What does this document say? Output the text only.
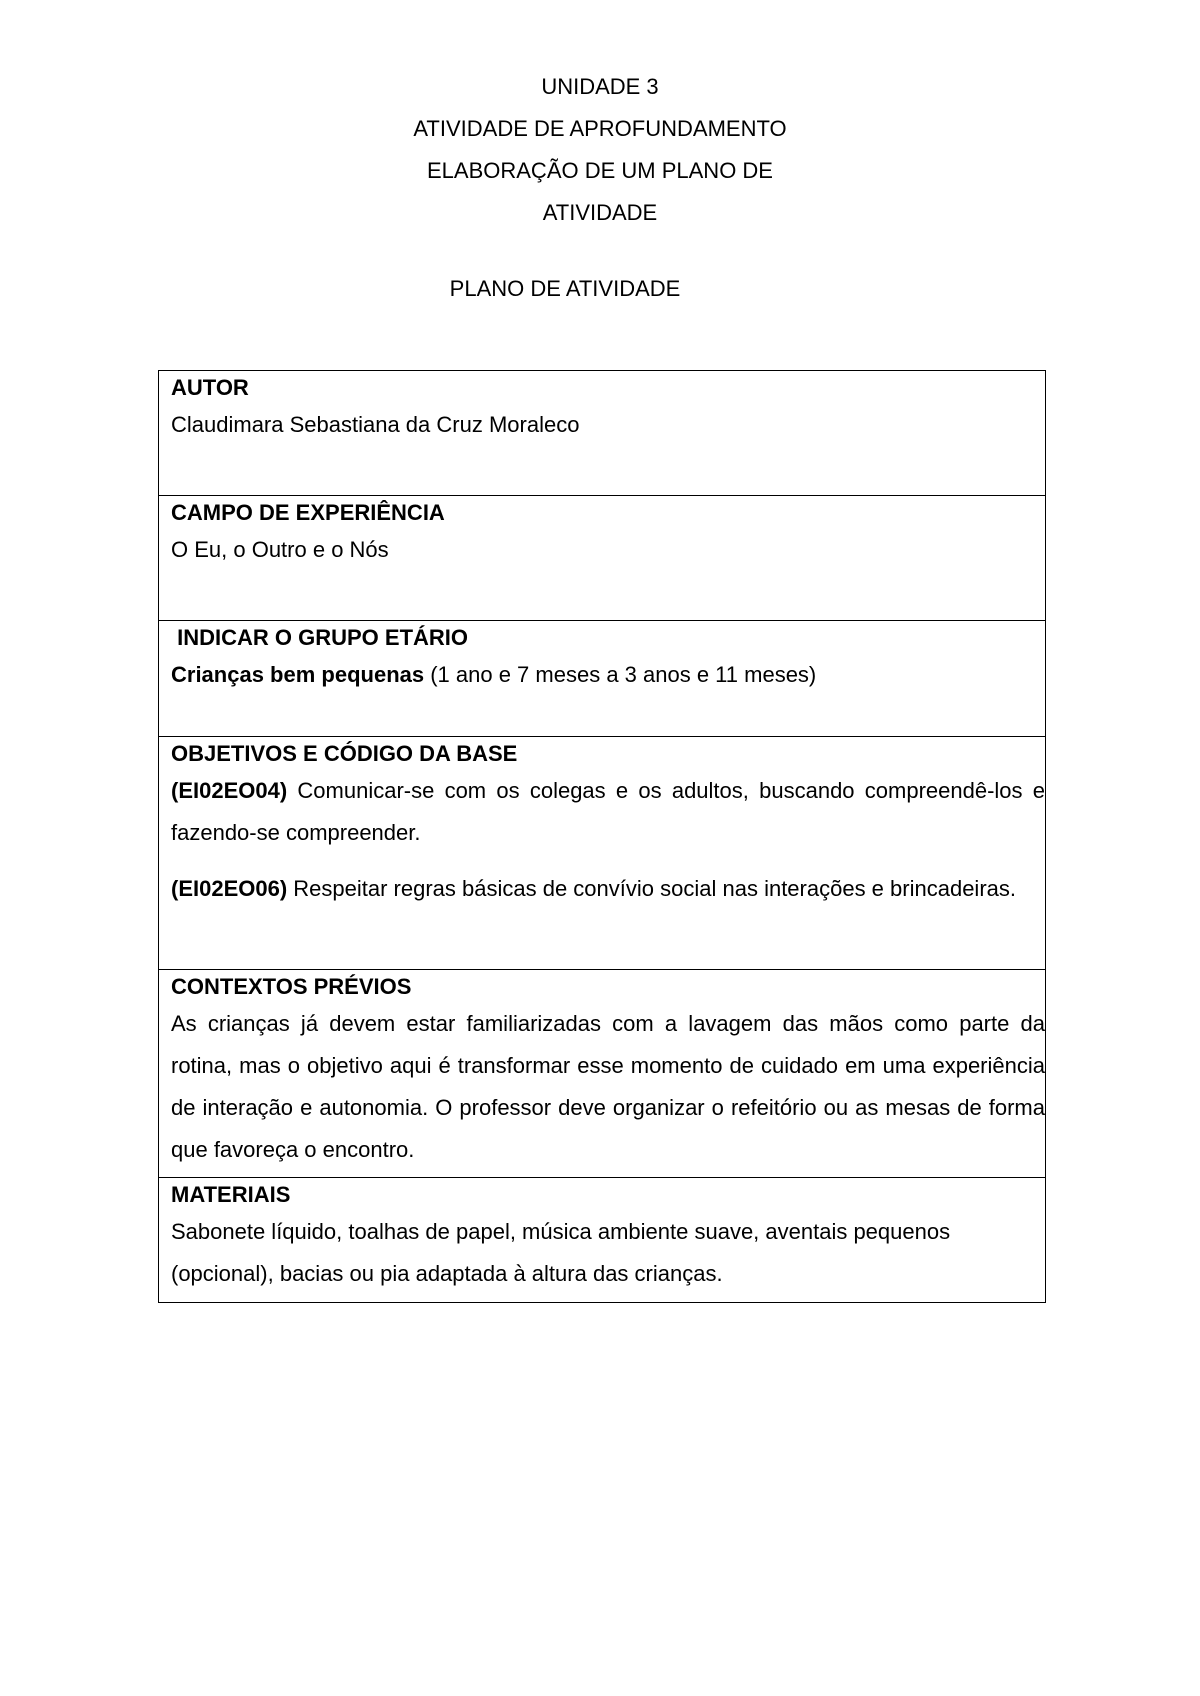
UNIDADE 3

ATIVIDADE DE APROFUNDAMENTO

ELABORAÇÃO DE UM PLANO DE

ATIVIDADE

PLANO DE ATIVIDADE

AUTOR
Claudimara Sebastiana da Cruz Moraleco

CAMPO DE EXPERIÊNCIA
O Eu, o Outro e o Nós

INDICAR O GRUPO ETÁRIO
Crianças bem pequenas (1 ano e 7 meses a 3 anos e 11 meses)

OBJETIVOS E CÓDIGO DA BASE

(EI02EO04) Comunicar-se com os colegas e os adultos, buscando compreendê-los e fazendo-se compreender.

(EI02EO06) Respeitar regras básicas de convívio social nas interações e brincadeiras.

CONTEXTOS PRÉVIOS

As crianças já devem estar familiarizadas com a lavagem das mãos como parte da rotina, mas o objetivo aqui é transformar esse momento de cuidado em uma experiência de interação e autonomia. O professor deve organizar o refeitório ou as mesas de forma que favoreça o encontro.

MATERIAIS

Sabonete líquido, toalhas de papel, música ambiente suave, aventais pequenos (opcional), bacias ou pia adaptada à altura das crianças.
